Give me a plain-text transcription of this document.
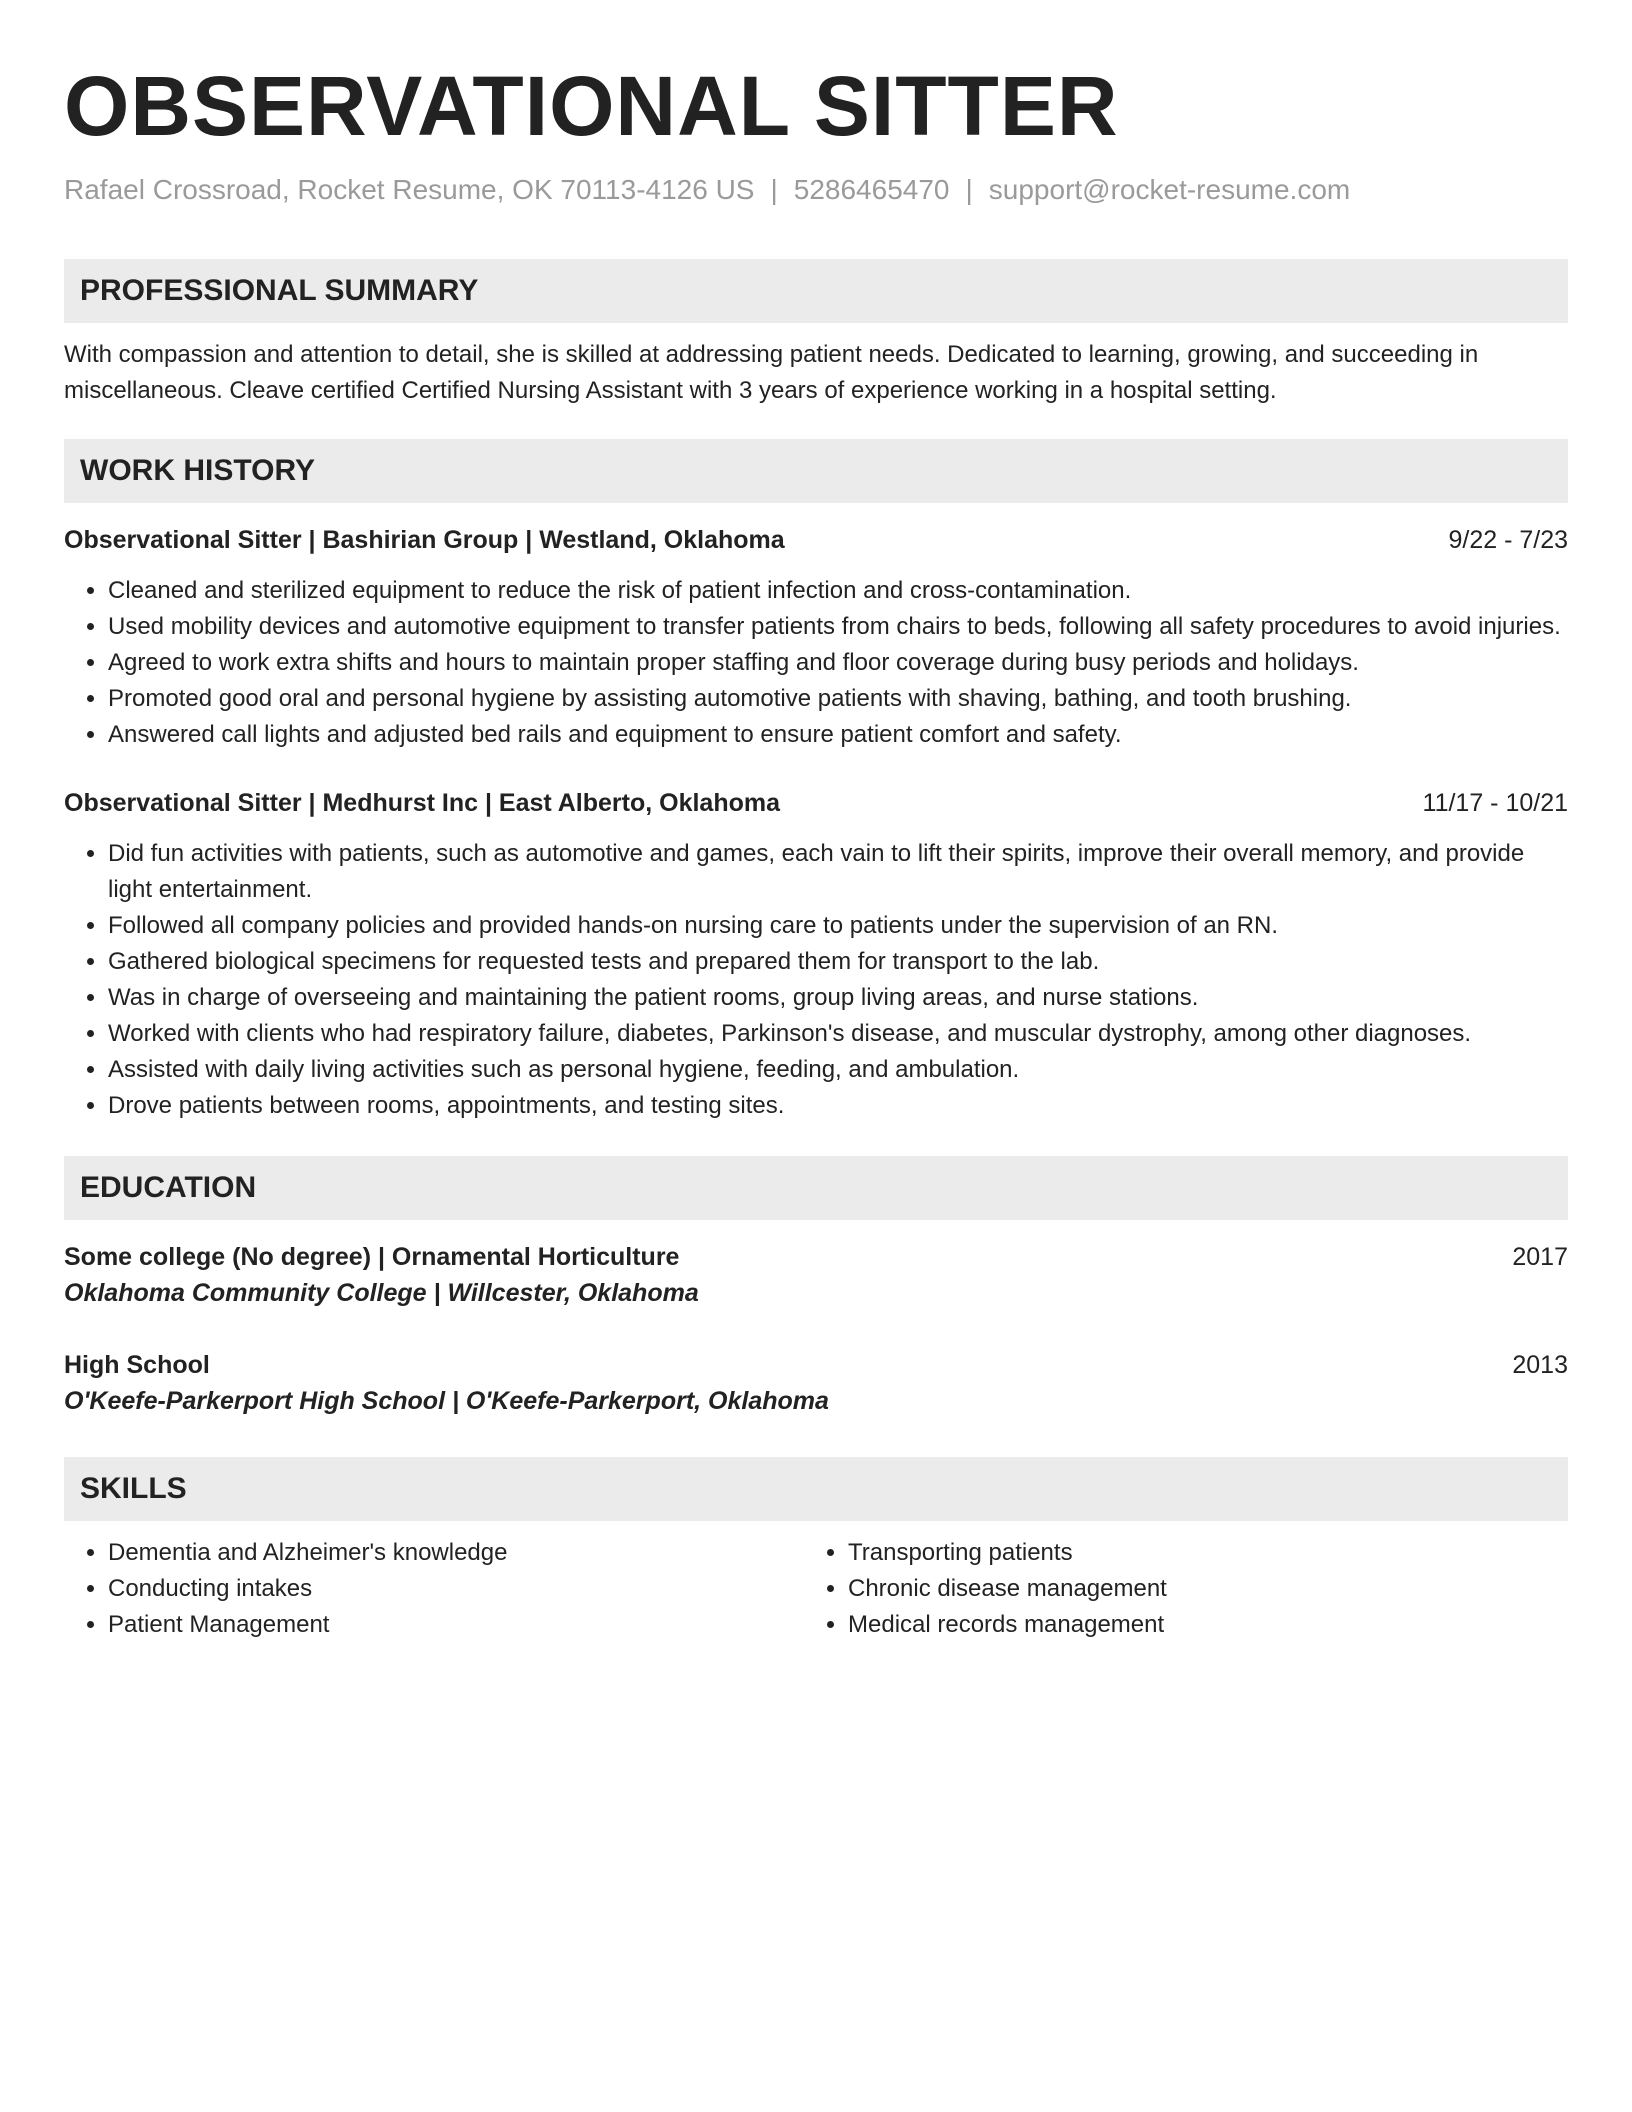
OBSERVATIONAL SITTER
Rafael Crossroad, Rocket Resume, OK 70113-4126 US | 5286465470 | support@rocket-resume.com
PROFESSIONAL SUMMARY
With compassion and attention to detail, she is skilled at addressing patient needs. Dedicated to learning, growing, and succeeding in miscellaneous. Cleave certified Certified Nursing Assistant with 3 years of experience working in a hospital setting.
WORK HISTORY
Observational Sitter | Bashirian Group | Westland, Oklahoma	9/22 - 7/23
• Cleaned and sterilized equipment to reduce the risk of patient infection and cross-contamination.
• Used mobility devices and automotive equipment to transfer patients from chairs to beds, following all safety procedures to avoid injuries.
• Agreed to work extra shifts and hours to maintain proper staffing and floor coverage during busy periods and holidays.
• Promoted good oral and personal hygiene by assisting automotive patients with shaving, bathing, and tooth brushing.
• Answered call lights and adjusted bed rails and equipment to ensure patient comfort and safety.
Observational Sitter | Medhurst Inc | East Alberto, Oklahoma	11/17 - 10/21
• Did fun activities with patients, such as automotive and games, each vain to lift their spirits, improve their overall memory, and provide light entertainment.
• Followed all company policies and provided hands-on nursing care to patients under the supervision of an RN.
• Gathered biological specimens for requested tests and prepared them for transport to the lab.
• Was in charge of overseeing and maintaining the patient rooms, group living areas, and nurse stations.
• Worked with clients who had respiratory failure, diabetes, Parkinson's disease, and muscular dystrophy, among other diagnoses.
• Assisted with daily living activities such as personal hygiene, feeding, and ambulation.
• Drove patients between rooms, appointments, and testing sites.
EDUCATION
Some college (No degree) | Ornamental Horticulture	2017
Oklahoma Community College | Willcester, Oklahoma
High School	2013
O'Keefe-Parkerport High School | O'Keefe-Parkerport, Oklahoma
SKILLS
• Dementia and Alzheimer's knowledge
• Conducting intakes
• Patient Management
• Transporting patients
• Chronic disease management
• Medical records management
